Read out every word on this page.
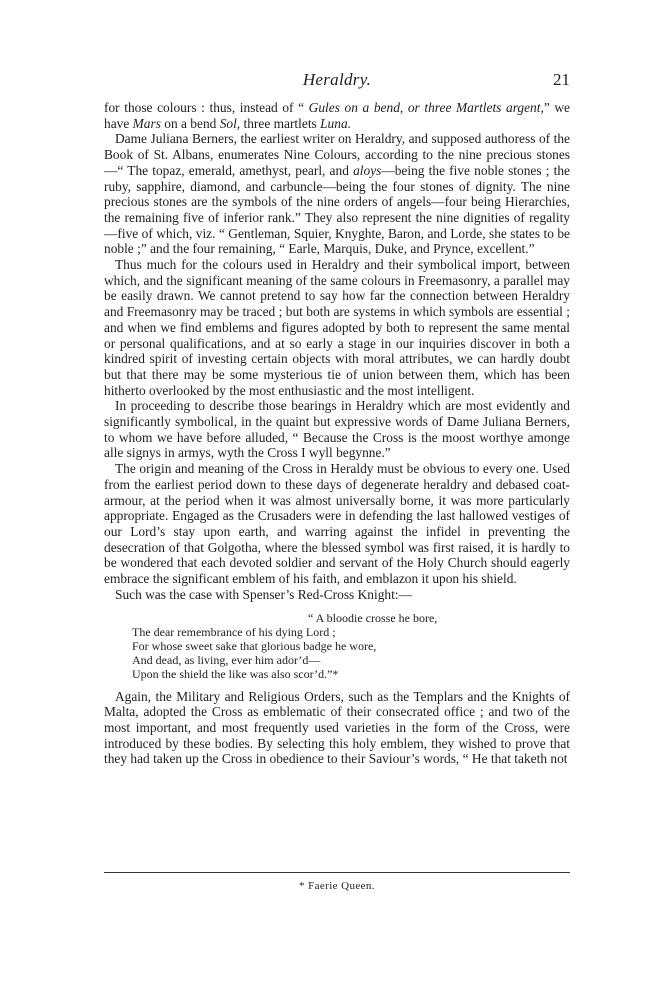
Heraldry.	21

for those colours : thus, instead of “ Gules on a bend, or three Martlets argent,” we have Mars on a bend Sol, three martlets Luna.

Dame Juliana Berners, the earliest writer on Heraldry, and supposed authoress of the Book of St. Albans, enumerates Nine Colours, according to the nine precious stones—“ The topaz, emerald, amethyst, pearl, and aloys—being the five noble stones ; the ruby, sapphire, diamond, and carbuncle—being the four stones of dignity. The nine precious stones are the symbols of the nine orders of angels—four being Hierarchies, the remaining five of inferior rank.” They also represent the nine dignities of regality—five of which, viz. “ Gentleman, Squier, Knyghte, Baron, and Lorde, she states to be noble ;” and the four remaining, “ Earle, Marquis, Duke, and Prynce, excellent.”

Thus much for the colours used in Heraldry and their symbolical import, between which, and the significant meaning of the same colours in Freemasonry, a parallel may be easily drawn. We cannot pretend to say how far the connection between Heraldry and Freemasonry may be traced ; but both are systems in which symbols are essential ; and when we find emblems and figures adopted by both to represent the same mental or personal qualifications, and at so early a stage in our inquiries discover in both a kindred spirit of investing certain objects with moral attributes, we can hardly doubt but that there may be some mysterious tie of union between them, which has been hitherto overlooked by the most enthusiastic and the most intelligent.

In proceeding to describe those bearings in Heraldry which are most evidently and significantly symbolical, in the quaint but expressive words of Dame Juliana Berners, to whom we have before alluded, “ Because the Cross is the moost worthye amonge alle signys in armys, wyth the Cross I wyll begynne.”

The origin and meaning of the Cross in Heraldy must be obvious to every one. Used from the earliest period down to these days of degenerate heraldry and debased coat-armour, at the period when it was almost universally borne, it was more particularly appropriate. Engaged as the Crusaders were in defending the last hallowed vestiges of our Lord’s stay upon earth, and warring against the infidel in preventing the desecration of that Golgotha, where the blessed symbol was first raised, it is hardly to be wondered that each devoted soldier and servant of the Holy Church should eagerly embrace the significant emblem of his faith, and emblazon it upon his shield.

Such was the case with Spenser’s Red-Cross Knight:—

“ A bloodie crosse he bore,
The dear remembrance of his dying Lord ;
For whose sweet sake that glorious badge he wore,
And dead, as living, ever him ador’d—
Upon the shield the like was also scor’d.”*

Again, the Military and Religious Orders, such as the Templars and the Knights of Malta, adopted the Cross as emblematic of their consecrated office ; and two of the most important, and most frequently used varieties in the form of the Cross, were introduced by these bodies. By selecting this holy emblem, they wished to prove that they had taken up the Cross in obedience to their Saviour’s words, “ He that taketh not

* Faerie Queen.
